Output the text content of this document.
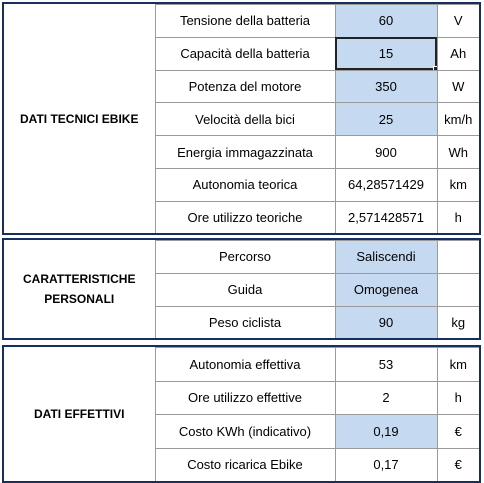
DATI TECNICI EBIKE	Tensione della batteria	60	V
	Capacità della batteria	15	Ah
	Potenza del motore	350	W
	Velocità della bici	25	km/h
	Energia immagazzinata	900	Wh
	Autonomia teorica	64,28571429	km
	Ore utilizzo teoriche	2,571428571	h
CARATTERISTICHE PERSONALI	Percorso	Saliscendi	
	Guida	Omogenea	
	Peso ciclista	90	kg
DATI EFFETTIVI	Autonomia effettiva	53	km
	Ore utilizzo effettive	2	h
	Costo KWh (indicativo)	0,19	€
	Costo ricarica Ebike	0,17	€
